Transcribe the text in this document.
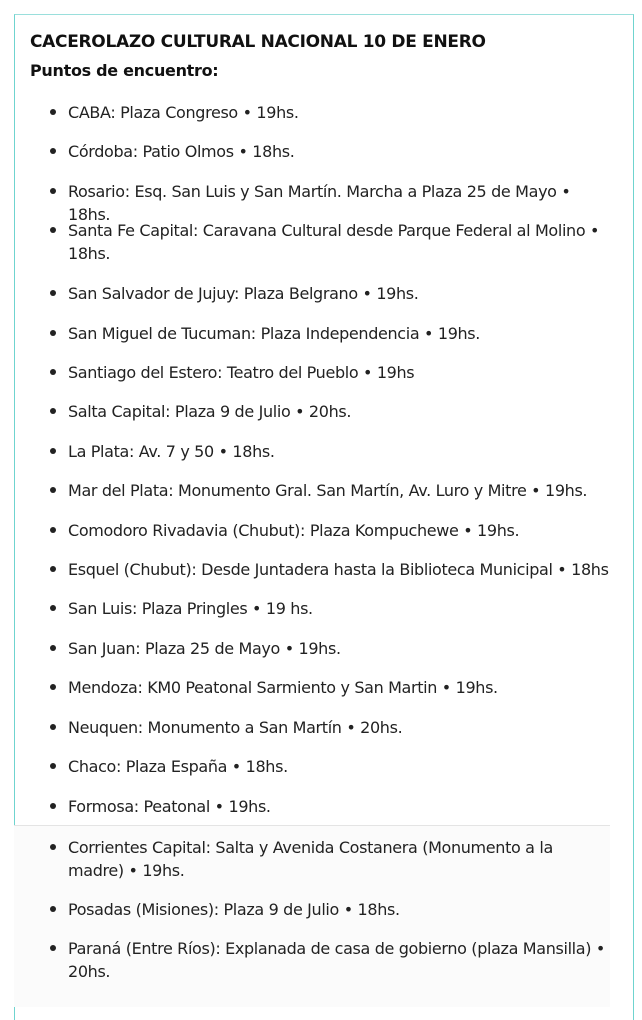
CACEROLAZO CULTURAL NACIONAL 10 DE ENERO
Puntos de encuentro:
CABA: Plaza Congreso • 19hs.
Córdoba: Patio Olmos • 18hs.
Rosario: Esq. San Luis y San Martín. Marcha a Plaza 25 de Mayo • 18hs.
Santa Fe Capital: Caravana Cultural desde Parque Federal al Molino • 18hs.
San Salvador de Jujuy: Plaza Belgrano • 19hs.
San Miguel de Tucuman: Plaza Independencia • 19hs.
Santiago del Estero: Teatro del Pueblo • 19hs
Salta Capital: Plaza 9 de Julio • 20hs.
La Plata: Av. 7 y 50 • 18hs.
Mar del Plata: Monumento Gral. San Martín, Av. Luro y Mitre • 19hs.
Comodoro Rivadavia (Chubut): Plaza Kompuchewe • 19hs.
Esquel (Chubut): Desde Juntadera hasta la Biblioteca Municipal • 18hs
San Luis: Plaza Pringles • 19 hs.
San Juan: Plaza 25 de Mayo • 19hs.
Mendoza: KM0 Peatonal Sarmiento y San Martin • 19hs.
Neuquen: Monumento a San Martín • 20hs.
Chaco: Plaza España • 18hs.
Formosa: Peatonal • 19hs.
Corrientes Capital: Salta y Avenida Costanera (Monumento a la madre) • 19hs.
Posadas (Misiones): Plaza 9 de Julio • 18hs.
Paraná (Entre Ríos): Explanada de casa de gobierno (plaza Mansilla) • 20hs.
